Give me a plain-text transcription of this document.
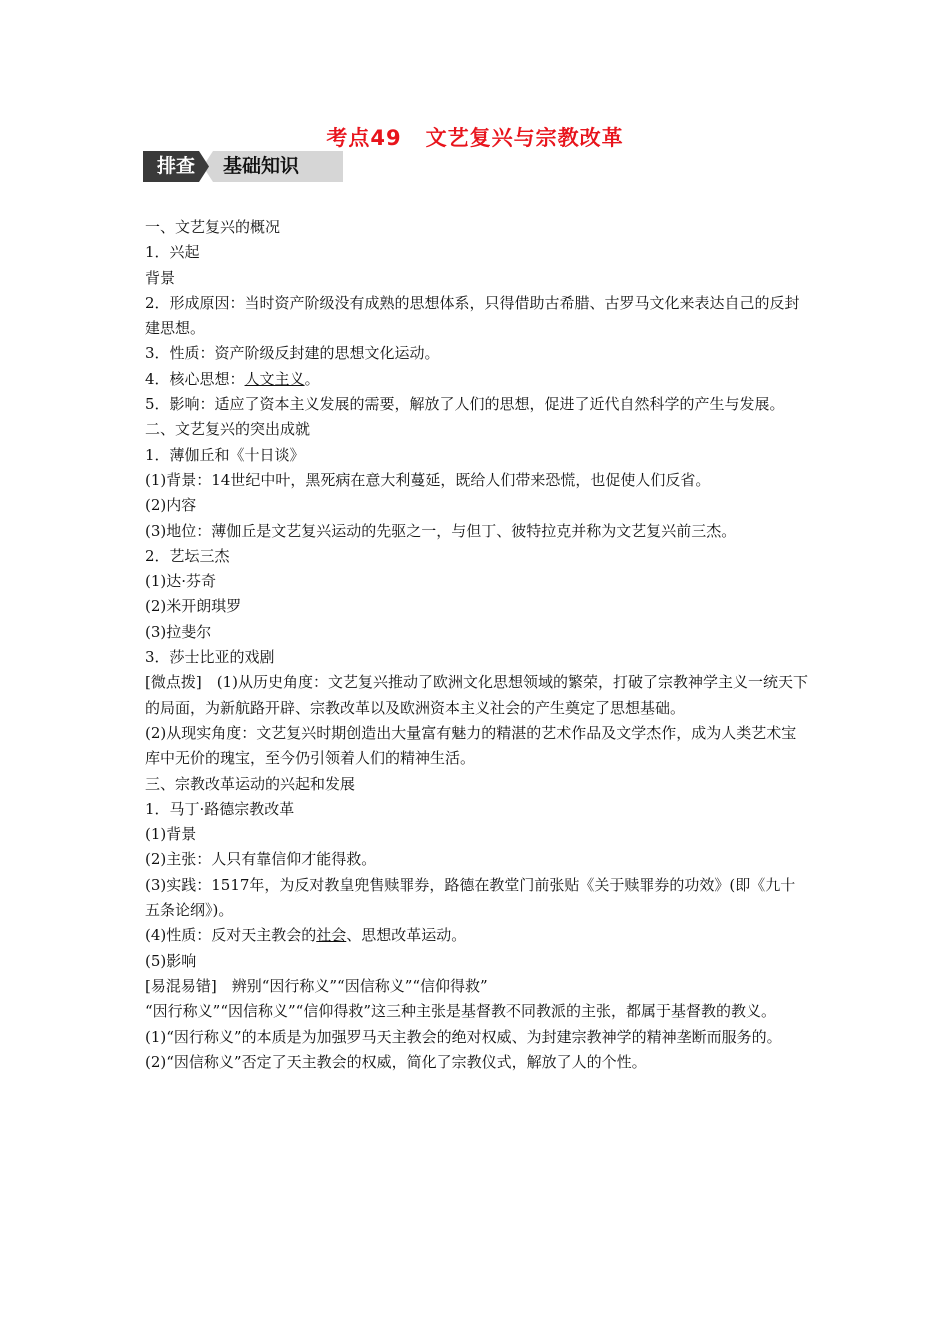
考点49 文艺复兴与宗教改革
排查	基础知识

一、文艺复兴的概况

1．兴起

背景

2．形成原因：当时资产阶级没有成熟的思想体系，只得借助古希腊、古罗马文化来表达自己的反封建思想。

3．性质：资产阶级反封建的思想文化运动。

4．核心思想：人文主义。

5．影响：适应了资本主义发展的需要，解放了人们的思想，促进了近代自然科学的产生与发展。

二、文艺复兴的突出成就

1．薄伽丘和《十日谈》

(1)背景：14世纪中叶，黑死病在意大利蔓延，既给人们带来恐慌，也促使人们反省。

(2)内容

(3)地位：薄伽丘是文艺复兴运动的先驱之一，与但丁、彼特拉克并称为文艺复兴前三杰。

2．艺坛三杰

(1)达·芬奇

(2)米开朗琪罗

(3)拉斐尔

3．莎士比亚的戏剧

[微点拨]　(1)从历史角度：文艺复兴推动了欧洲文化思想领域的繁荣，打破了宗教神学主义一统天下的局面，为新航路开辟、宗教改革以及欧洲资本主义社会的产生奠定了思想基础。

(2)从现实角度：文艺复兴时期创造出大量富有魅力的精湛的艺术作品及文学杰作，成为人类艺术宝库中无价的瑰宝，至今仍引领着人们的精神生活。

三、宗教改革运动的兴起和发展

1．马丁·路德宗教改革

(1)背景

(2)主张：人只有靠信仰才能得救。

(3)实践：1517年，为反对教皇兜售赎罪券，路德在教堂门前张贴《关于赎罪券的功效》(即《九十五条论纲》)。

(4)性质：反对天主教会的社会、思想改革运动。

(5)影响

[易混易错]　辨别“因行称义”“因信称义”“信仰得救”

“因行称义”“因信称义”“信仰得救”这三种主张是基督教不同教派的主张，都属于基督教的教义。

(1)“因行称义”的本质是为加强罗马天主教会的绝对权威、为封建宗教神学的精神垄断而服务的。

(2)“因信称义”否定了天主教会的权威，简化了宗教仪式，解放了人的个性。
